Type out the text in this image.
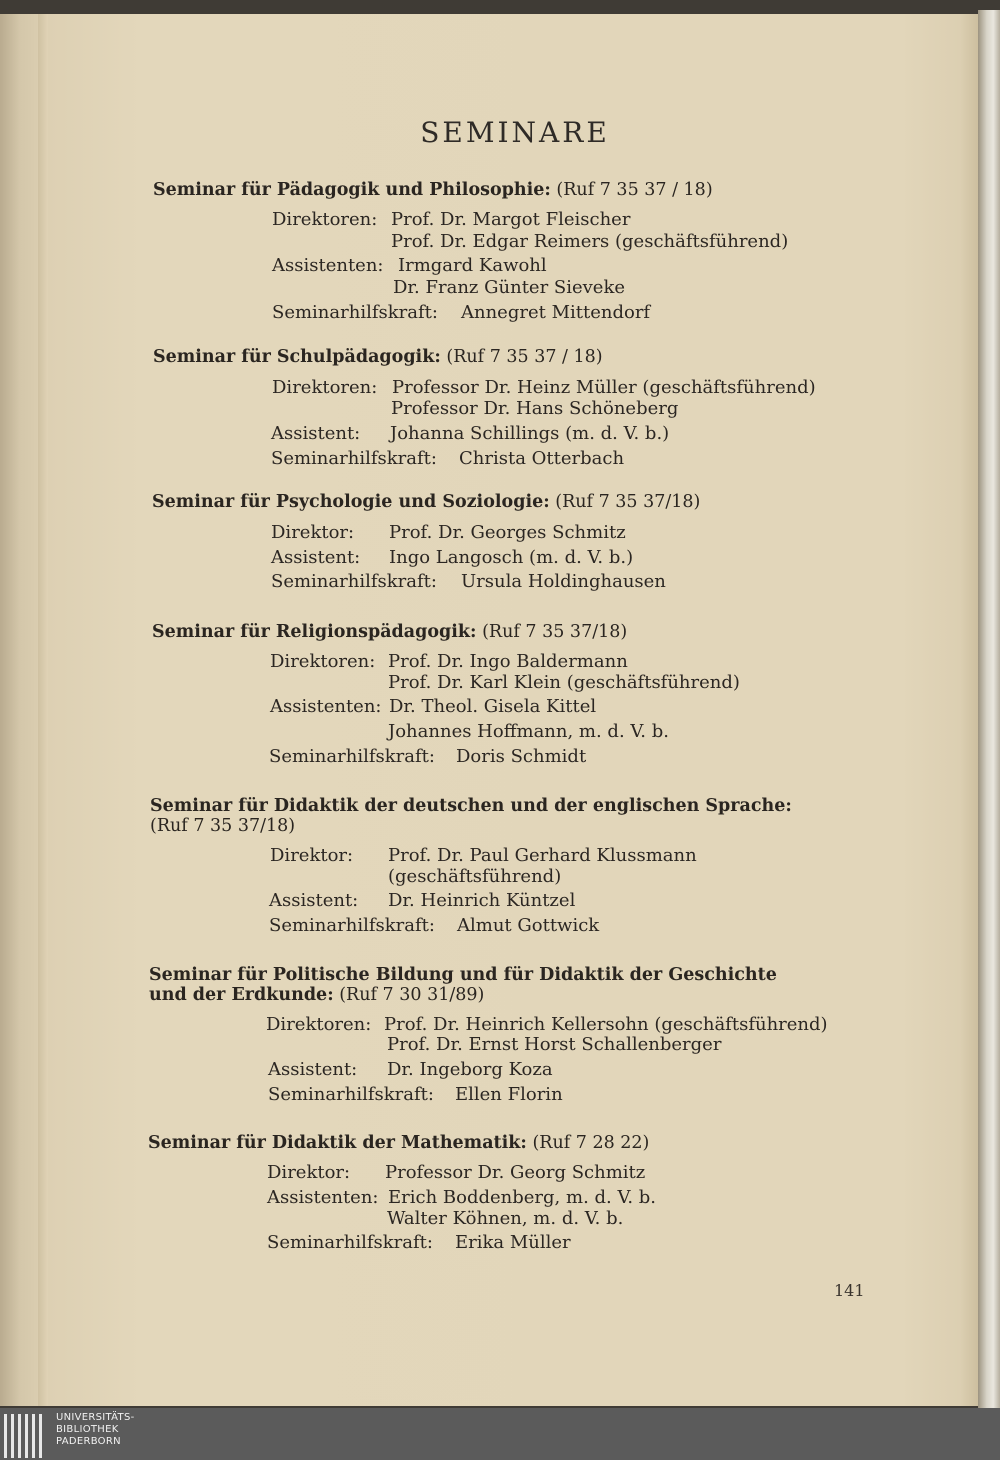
SEMINARE
Seminar für Pädagogik und Philosophie: (Ruf 7 35 37 / 18)
Direktoren: Prof. Dr. Margot Fleischer
Prof. Dr. Edgar Reimers (geschäftsführend)
Assistenten: Irmgard Kawohl
Dr. Franz Günter Sieveke
Seminarhilfskraft: Annegret Mittendorf
Seminar für Schulpädagogik: (Ruf 7 35 37 / 18)
Direktoren: Professor Dr. Heinz Müller (geschäftsführend)
Professor Dr. Hans Schöneberg
Assistent: Johanna Schillings (m. d. V. b.)
Seminarhilfskraft: Christa Otterbach
Seminar für Psychologie und Soziologie: (Ruf 7 35 37/18)
Direktor: Prof. Dr. Georges Schmitz
Assistent: Ingo Langosch (m. d. V. b.)
Seminarhilfskraft: Ursula Holdinghausen
Seminar für Religionspädagogik: (Ruf 7 35 37/18)
Direktoren: Prof. Dr. Ingo Baldermann
Prof. Dr. Karl Klein (geschäftsführend)
Assistenten: Dr. Theol. Gisela Kittel
Johannes Hoffmann, m. d. V. b.
Seminarhilfskraft: Doris Schmidt
Seminar für Didaktik der deutschen und der englischen Sprache:
(Ruf 7 35 37/18)
Direktor: Prof. Dr. Paul Gerhard Klussmann
(geschäftsführend)
Assistent: Dr. Heinrich Küntzel
Seminarhilfskraft: Almut Gottwick
Seminar für Politische Bildung und für Didaktik der Geschichte
und der Erdkunde: (Ruf 7 30 31/89)
Direktoren: Prof. Dr. Heinrich Kellersohn (geschäftsführend)
Prof. Dr. Ernst Horst Schallenberger
Assistent: Dr. Ingeborg Koza
Seminarhilfskraft: Ellen Florin
Seminar für Didaktik der Mathematik: (Ruf 7 28 22)
Direktor: Professor Dr. Georg Schmitz
Assistenten: Erich Boddenberg, m. d. V. b.
Walter Köhnen, m. d. V. b.
Seminarhilfskraft: Erika Müller
141
UNIVERSITÄTS-
BIBLIOTHEK
PADERBORN
